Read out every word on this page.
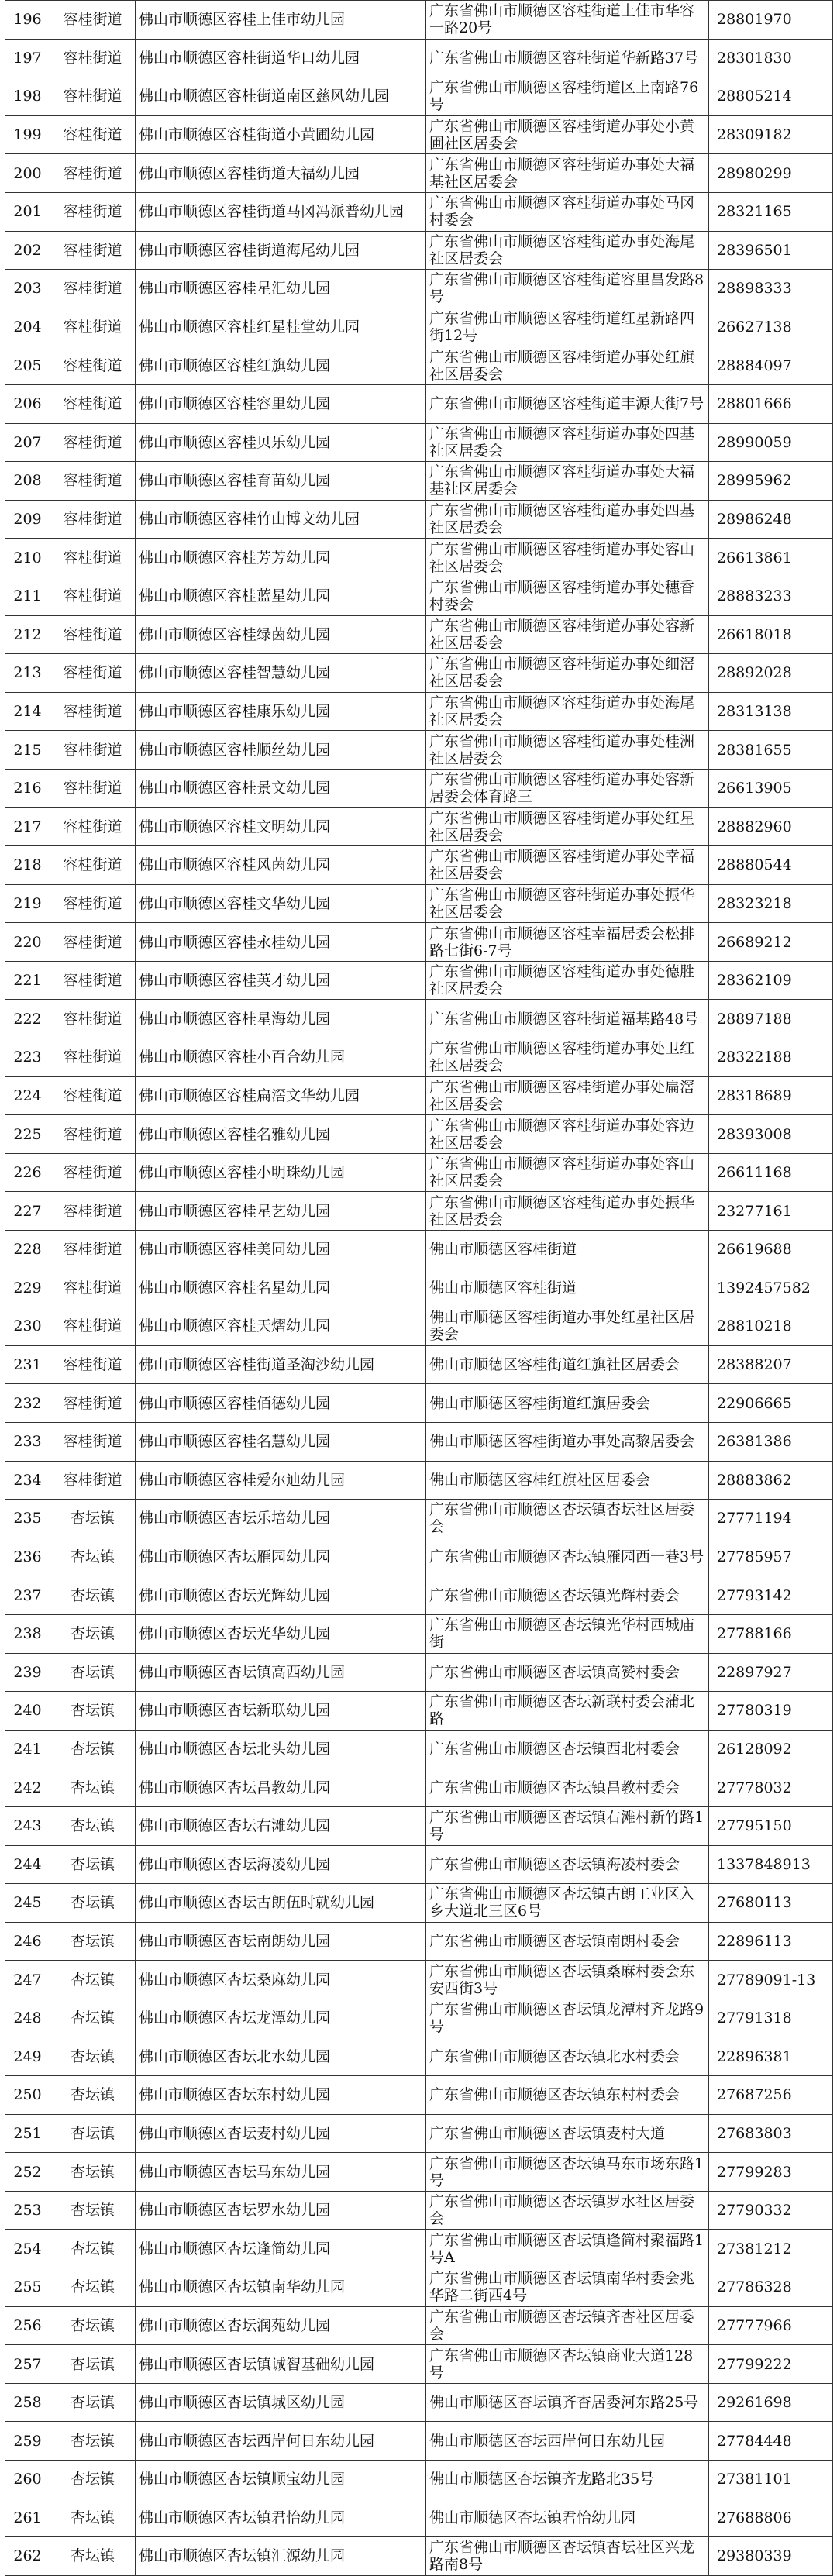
196	容桂街道	佛山市顺德区容桂上佳市幼儿园	广东省佛山市顺德区容桂街道上佳市华容一路20号	28801970
197	容桂街道	佛山市顺德区容桂街道华口幼儿园	广东省佛山市顺德区容桂街道华新路37号	28301830
198	容桂街道	佛山市顺德区容桂街道南区慈风幼儿园	广东省佛山市顺德区容桂街道区上南路76号	28805214
199	容桂街道	佛山市顺德区容桂街道小黄圃幼儿园	广东省佛山市顺德区容桂街道办事处小黄圃社区居委会	28309182
200	容桂街道	佛山市顺德区容桂街道大福幼儿园	广东省佛山市顺德区容桂街道办事处大福基社区居委会	28980299
201	容桂街道	佛山市顺德区容桂街道马冈冯派普幼儿园	广东省佛山市顺德区容桂街道办事处马冈村委会	28321165
202	容桂街道	佛山市顺德区容桂街道海尾幼儿园	广东省佛山市顺德区容桂街道办事处海尾社区居委会	28396501
203	容桂街道	佛山市顺德区容桂星汇幼儿园	广东省佛山市顺德区容桂街道容里昌发路8号	28898333
204	容桂街道	佛山市顺德区容桂红星桂堂幼儿园	广东省佛山市顺德区容桂街道红星新路四街12号	26627138
205	容桂街道	佛山市顺德区容桂红旗幼儿园	广东省佛山市顺德区容桂街道办事处红旗社区居委会	28884097
206	容桂街道	佛山市顺德区容桂容里幼儿园	广东省佛山市顺德区容桂街道丰源大街7号	28801666
207	容桂街道	佛山市顺德区容桂贝乐幼儿园	广东省佛山市顺德区容桂街道办事处四基社区居委会	28990059
208	容桂街道	佛山市顺德区容桂育苗幼儿园	广东省佛山市顺德区容桂街道办事处大福基社区居委会	28995962
209	容桂街道	佛山市顺德区容桂竹山博文幼儿园	广东省佛山市顺德区容桂街道办事处四基社区居委会	28986248
210	容桂街道	佛山市顺德区容桂芳芳幼儿园	广东省佛山市顺德区容桂街道办事处容山社区居委会	26613861
211	容桂街道	佛山市顺德区容桂蓝星幼儿园	广东省佛山市顺德区容桂街道办事处穗香村委会	28883233
212	容桂街道	佛山市顺德区容桂绿茵幼儿园	广东省佛山市顺德区容桂街道办事处容新社区居委会	26618018
213	容桂街道	佛山市顺德区容桂智慧幼儿园	广东省佛山市顺德区容桂街道办事处细滘社区居委会	28892028
214	容桂街道	佛山市顺德区容桂康乐幼儿园	广东省佛山市顺德区容桂街道办事处海尾社区居委会	28313138
215	容桂街道	佛山市顺德区容桂顺丝幼儿园	广东省佛山市顺德区容桂街道办事处桂洲社区居委会	28381655
216	容桂街道	佛山市顺德区容桂景文幼儿园	广东省佛山市顺德区容桂街道办事处容新居委会体育路三	26613905
217	容桂街道	佛山市顺德区容桂文明幼儿园	广东省佛山市顺德区容桂街道办事处红星社区居委会	28882960
218	容桂街道	佛山市顺德区容桂风茵幼儿园	广东省佛山市顺德区容桂街道办事处幸福社区居委会	28880544
219	容桂街道	佛山市顺德区容桂文华幼儿园	广东省佛山市顺德区容桂街道办事处振华社区居委会	28323218
220	容桂街道	佛山市顺德区容桂永桂幼儿园	广东省佛山市顺德区容桂幸福居委会松排路七街6-7号	26689212
221	容桂街道	佛山市顺德区容桂英才幼儿园	广东省佛山市顺德区容桂街道办事处德胜社区居委会	28362109
222	容桂街道	佛山市顺德区容桂星海幼儿园	广东省佛山市顺德区容桂街道福基路48号	28897188
223	容桂街道	佛山市顺德区容桂小百合幼儿园	广东省佛山市顺德区容桂街道办事处卫红社区居委会	28322188
224	容桂街道	佛山市顺德区容桂扁滘文华幼儿园	广东省佛山市顺德区容桂街道办事处扁滘社区居委会	28318689
225	容桂街道	佛山市顺德区容桂名雅幼儿园	广东省佛山市顺德区容桂街道办事处容边社区居委会	28393008
226	容桂街道	佛山市顺德区容桂小明珠幼儿园	广东省佛山市顺德区容桂街道办事处容山社区居委会	26611168
227	容桂街道	佛山市顺德区容桂星艺幼儿园	广东省佛山市顺德区容桂街道办事处振华社区居委会	23277161
228	容桂街道	佛山市顺德区容桂美同幼儿园	佛山市顺德区容桂街道	26619688
229	容桂街道	佛山市顺德区容桂名星幼儿园	佛山市顺德区容桂街道	1392457582
230	容桂街道	佛山市顺德区容桂天熠幼儿园	佛山市顺德区容桂街道办事处红星社区居委会	28810218
231	容桂街道	佛山市顺德区容桂街道圣淘沙幼儿园	佛山市顺德区容桂街道红旗社区居委会	28388207
232	容桂街道	佛山市顺德区容桂佰德幼儿园	佛山市顺德区容桂街道红旗居委会	22906665
233	容桂街道	佛山市顺德区容桂名慧幼儿园	佛山市顺德区容桂街道办事处高黎居委会	26381386
234	容桂街道	佛山市顺德区容桂爱尔迪幼儿园	佛山市顺德区容桂红旗社区居委会	28883862
235	杏坛镇	佛山市顺德区杏坛乐培幼儿园	广东省佛山市顺德区杏坛镇杏坛社区居委会	27771194
236	杏坛镇	佛山市顺德区杏坛雁园幼儿园	广东省佛山市顺德区杏坛镇雁园西一巷3号	27785957
237	杏坛镇	佛山市顺德区杏坛光辉幼儿园	广东省佛山市顺德区杏坛镇光辉村委会	27793142
238	杏坛镇	佛山市顺德区杏坛光华幼儿园	广东省佛山市顺德区杏坛镇光华村西城庙街	27788166
239	杏坛镇	佛山市顺德区杏坛镇高西幼儿园	广东省佛山市顺德区杏坛镇高赞村委会	22897927
240	杏坛镇	佛山市顺德区杏坛新联幼儿园	广东省佛山市顺德区杏坛新联村委会蒲北路	27780319
241	杏坛镇	佛山市顺德区杏坛北头幼儿园	广东省佛山市顺德区杏坛镇西北村委会	26128092
242	杏坛镇	佛山市顺德区杏坛昌教幼儿园	广东省佛山市顺德区杏坛镇昌教村委会	27778032
243	杏坛镇	佛山市顺德区杏坛右滩幼儿园	广东省佛山市顺德区杏坛镇右滩村新竹路1号	27795150
244	杏坛镇	佛山市顺德区杏坛海凌幼儿园	广东省佛山市顺德区杏坛镇海凌村委会	1337848913
245	杏坛镇	佛山市顺德区杏坛古朗伍时就幼儿园	广东省佛山市顺德区杏坛镇古朗工业区入乡大道北三区6号	27680113
246	杏坛镇	佛山市顺德区杏坛南朗幼儿园	广东省佛山市顺德区杏坛镇南朗村委会	22896113
247	杏坛镇	佛山市顺德区杏坛桑麻幼儿园	广东省佛山市顺德区杏坛镇桑麻村委会东安西街3号	27789091-13
248	杏坛镇	佛山市顺德区杏坛龙潭幼儿园	广东省佛山市顺德区杏坛镇龙潭村齐龙路9号	27791318
249	杏坛镇	佛山市顺德区杏坛北水幼儿园	广东省佛山市顺德区杏坛镇北水村委会	22896381
250	杏坛镇	佛山市顺德区杏坛东村幼儿园	广东省佛山市顺德区杏坛镇东村村委会	27687256
251	杏坛镇	佛山市顺德区杏坛麦村幼儿园	广东省佛山市顺德区杏坛镇麦村大道	27683803
252	杏坛镇	佛山市顺德区杏坛马东幼儿园	广东省佛山市顺德区杏坛镇马东市场东路1号	27799283
253	杏坛镇	佛山市顺德区杏坛罗水幼儿园	广东省佛山市顺德区杏坛镇罗水社区居委会	27790332
254	杏坛镇	佛山市顺德区杏坛逢简幼儿园	广东省佛山市顺德区杏坛镇逢简村聚福路1号A	27381212
255	杏坛镇	佛山市顺德区杏坛镇南华幼儿园	广东省佛山市顺德区杏坛镇南华村委会兆华路二街西4号	27786328
256	杏坛镇	佛山市顺德区杏坛润苑幼儿园	广东省佛山市顺德区杏坛镇齐杏社区居委会	27777966
257	杏坛镇	佛山市顺德区杏坛镇诚智基础幼儿园	广东省佛山市顺德区杏坛镇商业大道128号	27799222
258	杏坛镇	佛山市顺德区杏坛镇城区幼儿园	佛山市顺德区杏坛镇齐杏居委河东路25号	29261698
259	杏坛镇	佛山市顺德区杏坛西岸何日东幼儿园	佛山市顺德区杏坛西岸何日东幼儿园	27784448
260	杏坛镇	佛山市顺德区杏坛镇顺宝幼儿园	佛山市顺德区杏坛镇齐龙路北35号	27381101
261	杏坛镇	佛山市顺德区杏坛镇君怡幼儿园	佛山市顺德区杏坛镇君怡幼儿园	27688806
262	杏坛镇	佛山市顺德区杏坛镇汇源幼儿园	广东省佛山市顺德区杏坛镇杏坛社区兴龙路南8号	29380339
